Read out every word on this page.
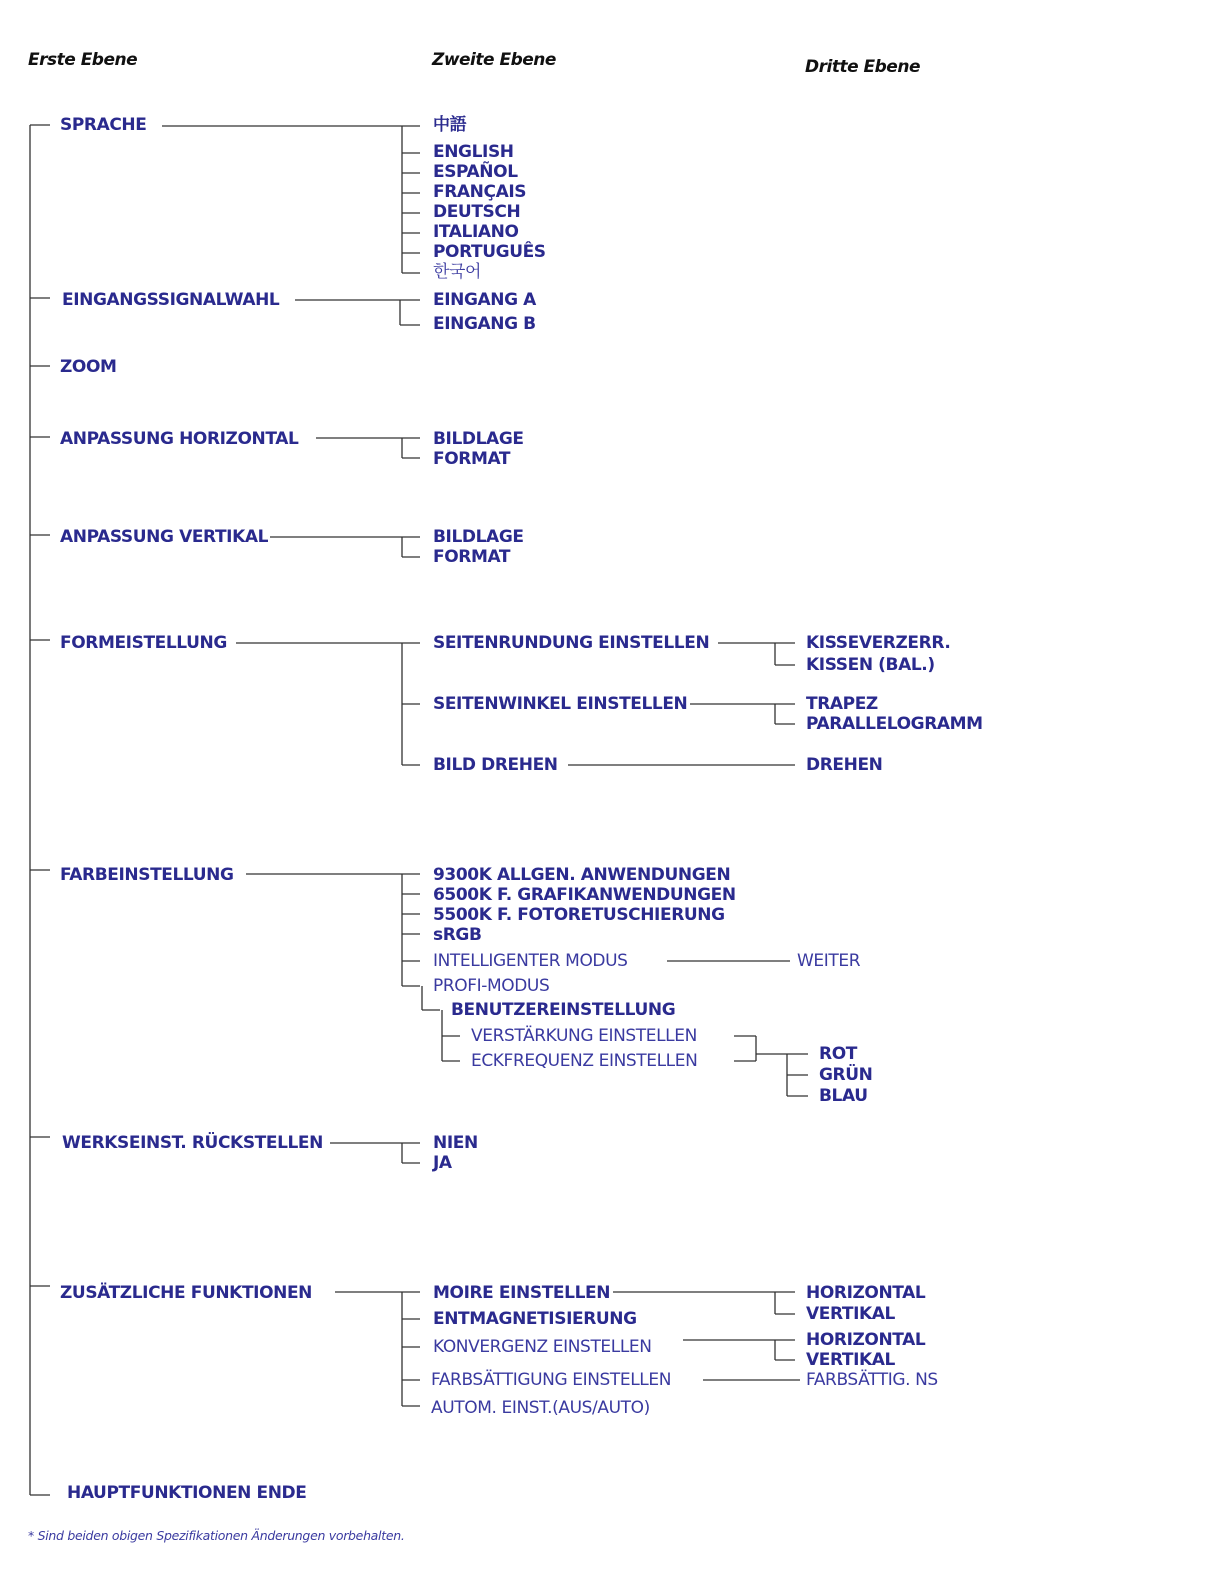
Erste Ebene	Zweite Ebene	Dritte Ebene
SPRACHE
EINGANGSSIGNALWAHL
ZOOM
ANPASSUNG HORIZONTAL
ANPASSUNG VERTIKAL
FORMEISTELLUNG
FARBEINSTELLUNG
WERKSEINST. RÜCKSTELLEN
ZUSÄTZLICHE FUNKTIONEN
HAUPTFUNKTIONEN ENDE
中語
ENGLISH
ESPAÑOL
FRANÇAIS
DEUTSCH
ITALIANO
PORTUGUÊS
한국어
EINGANG A
EINGANG B
BILDLAGE
FORMAT
BILDLAGE
FORMAT
SEITENRUNDUNG EINSTELLEN
SEITENWINKEL EINSTELLEN
BILD DREHEN
9300K ALLGEN. ANWENDUNGEN
6500K F. GRAFIKANWENDUNGEN
5500K F. FOTORETUSCHIERUNG
sRGB
INTELLIGENTER MODUS
PROFI-MODUS
BENUTZEREINSTELLUNG
VERSTÄRKUNG EINSTELLEN
ECKFREQUENZ EINSTELLEN
NIEN
JA
MOIRE EINSTELLEN
ENTMAGNETISIERUNG
KONVERGENZ EINSTELLEN
FARBSÄTTIGUNG EINSTELLEN
AUTOM. EINST.(AUS/AUTO)
KISSEVERZERR.
KISSEN (BAL.)
TRAPEZ
PARALLELOGRAMM
DREHEN
WEITER
ROT
GRÜN
BLAU
HORIZONTAL
VERTIKAL
HORIZONTAL
VERTIKAL
FARBSÄTTIG. NS
* Sind beiden obigen Spezifikationen Änderungen vorbehalten.
